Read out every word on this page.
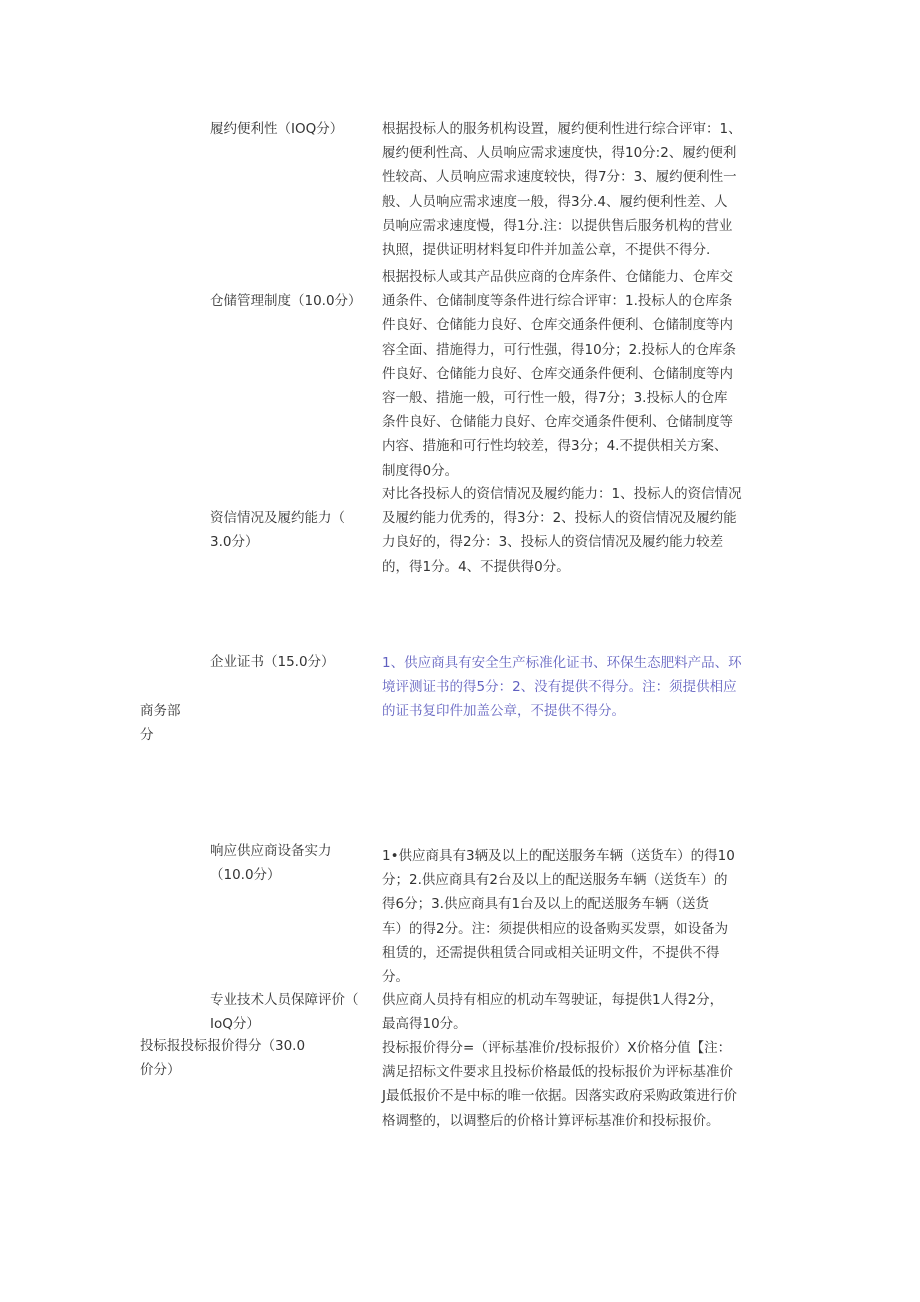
履约便利性（IOQ分）	根据投标人的服务机构设置，履约便利性进行综合评审：1、
履约便利性高、人员响应需求速度快，得10分:2、履约便利
性较高、人员响应需求速度较快，得7分：3、履约便利性一
般、人员响应需求速度一般，得3分.4、履约便利性差、人
员响应需求速度慢，得1分.注：以提供售后服务机构的营业
执照，提供证明材料复印件并加盖公章，不提供不得分.
仓储管理制度（10.0分）
根据投标人或其产品供应商的仓库条件、仓储能力、仓库交
通条件、仓储制度等条件进行综合评审：1.投标人的仓库条
件良好、仓储能力良好、仓库交通条件便利、仓储制度等内
容全面、措施得力，可行性强，得10分；2.投标人的仓库条
件良好、仓储能力良好、仓库交通条件便利、仓储制度等内
容一般、措施一般，可行性一般，得7分；3.投标人的仓库
条件良好、仓储能力良好、仓库交通条件便利、仓储制度等
内容、措施和可行性均较差，得3分；4.不提供相关方案、
制度得0分。
资信情况及履约能力（
3.0分）
对比各投标人的资信情况及履约能力：1、投标人的资信情况
及履约能力优秀的，得3分：2、投标人的资信情况及履约能
力良好的，得2分：3、投标人的资信情况及履约能力较差
的，得1分。4、不提供得0分。
企业证书（15.0分）	1、供应商具有安全生产标准化证书、环保生态肥料产品、环
境评测证书的得5分：2、没有提供不得分。注：须提供相应
的证书复印件加盖公章，不提供不得分。
商务部
分
响应供应商设备实力
（10.0分）
1•供应商具有3辆及以上的配送服务车辆（送货车）的得10
分；2.供应商具有2台及以上的配送服务车辆（送货车）的
得6分；3.供应商具有1台及以上的配送服务车辆（送货
车）的得2分。注：须提供相应的设备购买发票，如设备为
租赁的，还需提供租赁合同或相关证明文件，不提供不得
分。
专业技术人员保障评价（
IoQ分）
供应商人员持有相应的机动车驾驶证，每提供1人得2分，
最高得10分。
投标报投标报价得分（30.0
价分）
投标报价得分=（评标基准价/投标报价）X价格分值【注：
满足招标文件要求且投标价格最低的投标报价为评标基准价
J最低报价不是中标的唯一依据。因落实政府采购政策进行价
格调整的，以调整后的价格计算评标基准价和投标报价。
